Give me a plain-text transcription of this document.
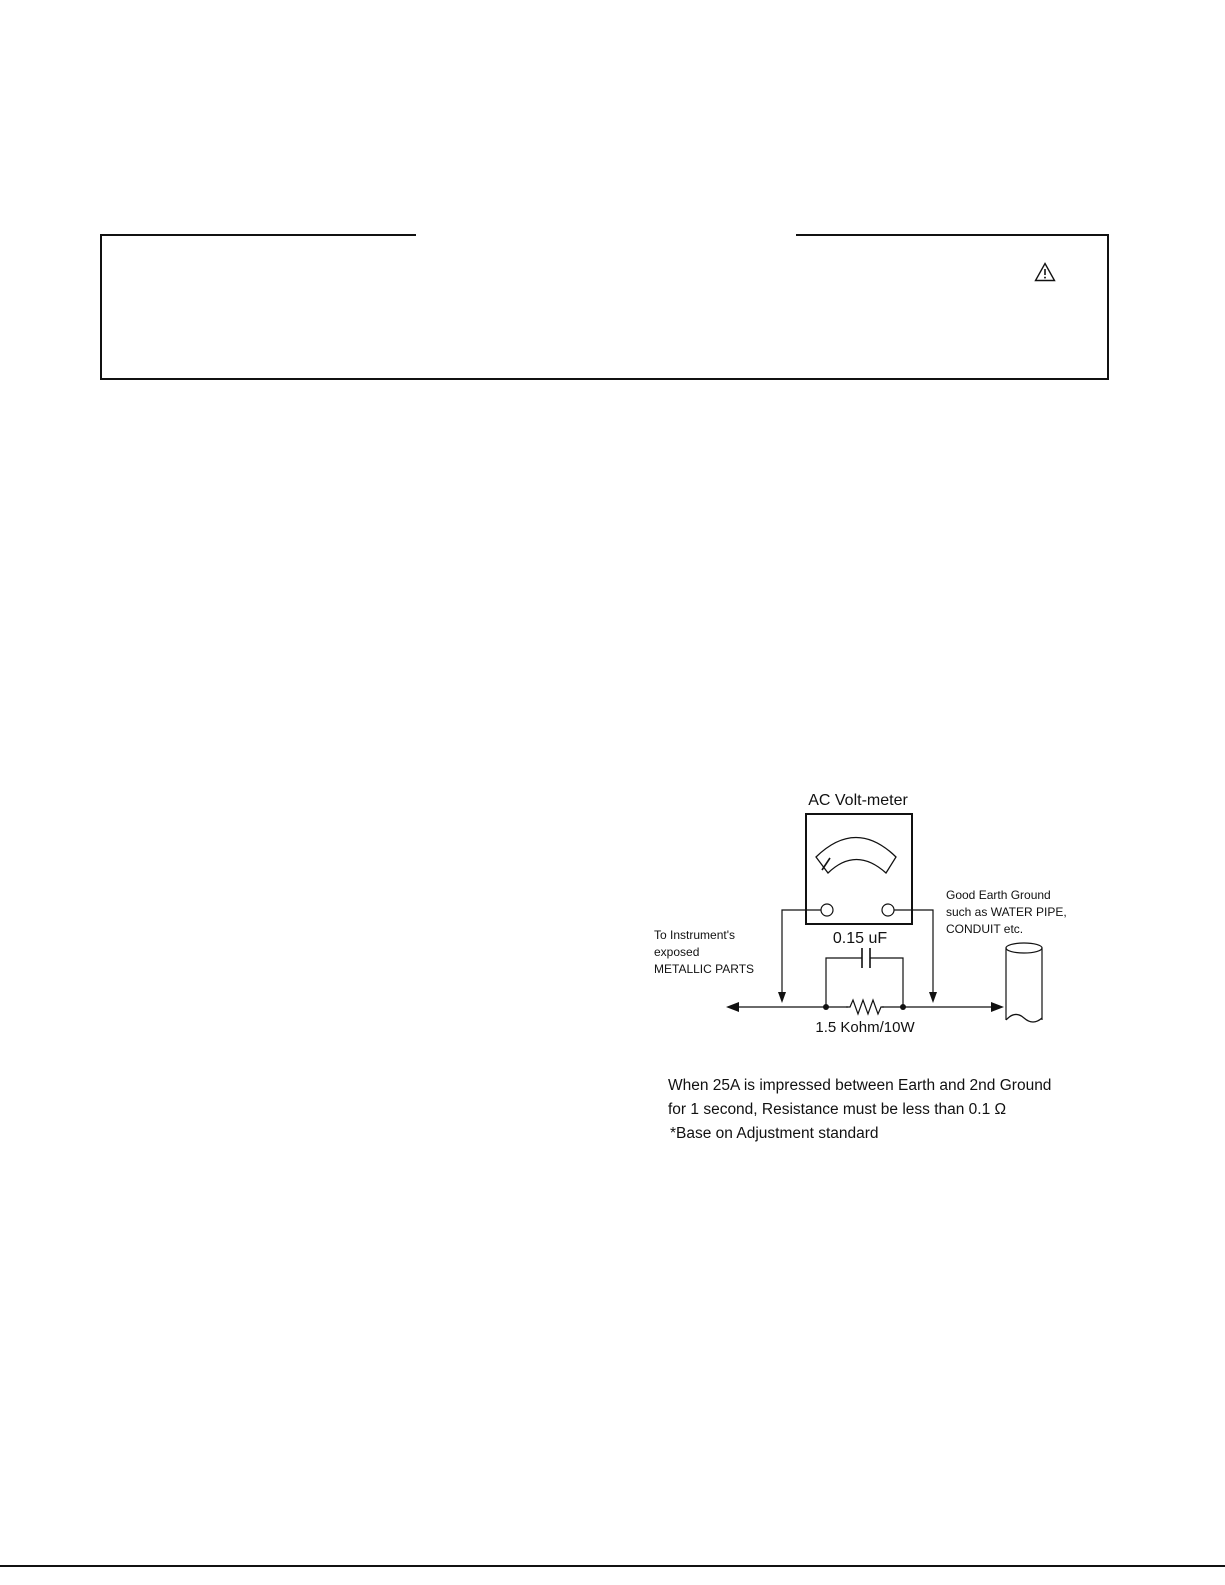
AC Volt-meter
0.15 uF
1.5 Kohm/10W
To Instrument's exposed METALLIC PARTS
Good Earth Ground such as WATER PIPE, CONDUIT etc.
When 25A is impressed between Earth and 2nd Ground
for 1 second, Resistance must be less than 0.1 Ω
*Base on Adjustment standard
